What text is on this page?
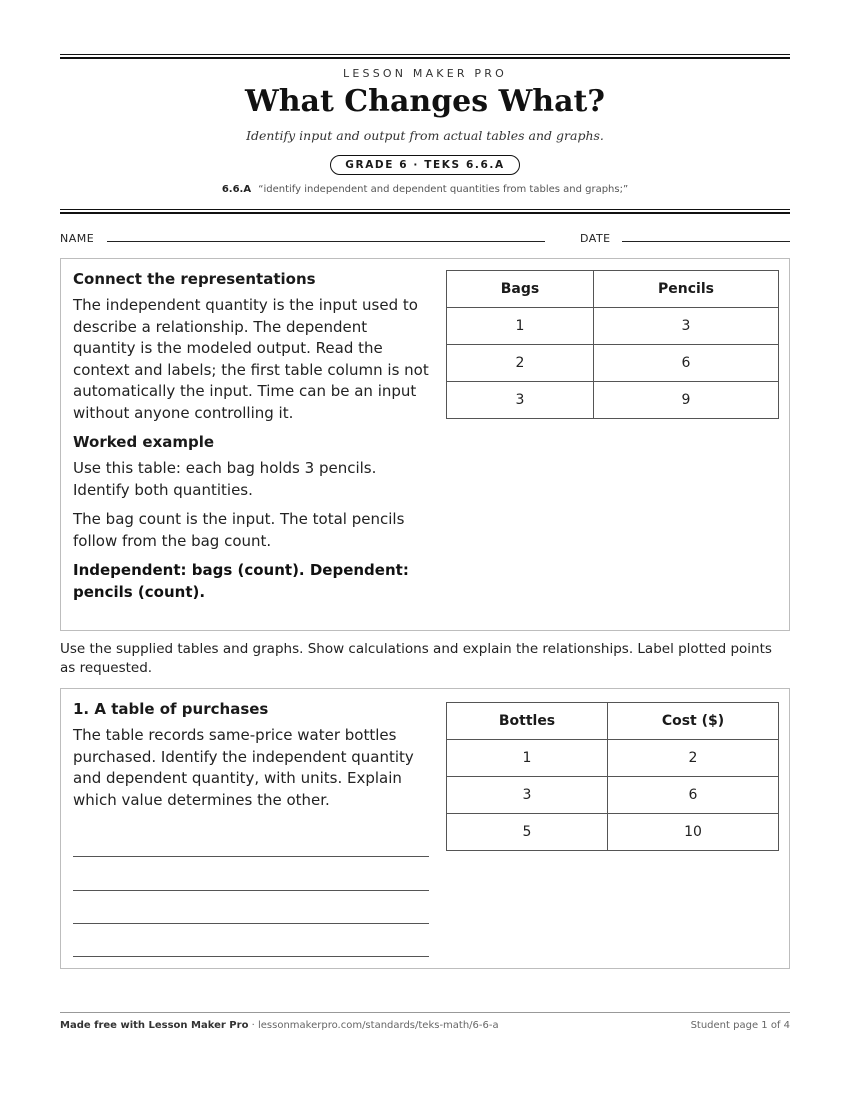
LESSON MAKER PRO
What Changes What?
Identify input and output from actual tables and graphs.
GRADE 6 · TEKS 6.6.A
6.6.A “identify independent and dependent quantities from tables and graphs;”
NAME	DATE
Connect the representations
The independent quantity is the input used to describe a relationship. The dependent quantity is the modeled output. Read the context and labels; the first table column is not automatically the input. Time can be an input without anyone controlling it.
Worked example
Use this table: each bag holds 3 pencils. Identify both quantities.
The bag count is the input. The total pencils follow from the bag count.
Independent: bags (count). Dependent: pencils (count).
Bags	Pencils
1	3
2	6
3	9
Use the supplied tables and graphs. Show calculations and explain the relationships. Label plotted points as requested.
1. A table of purchases
The table records same-price water bottles purchased. Identify the independent quantity and dependent quantity, with units. Explain which value determines the other.
Bottles	Cost ($)
1	2
3	6
5	10
Made free with Lesson Maker Pro · lessonmakerpro.com/standards/teks-math/6-6-a	Student page 1 of 4
